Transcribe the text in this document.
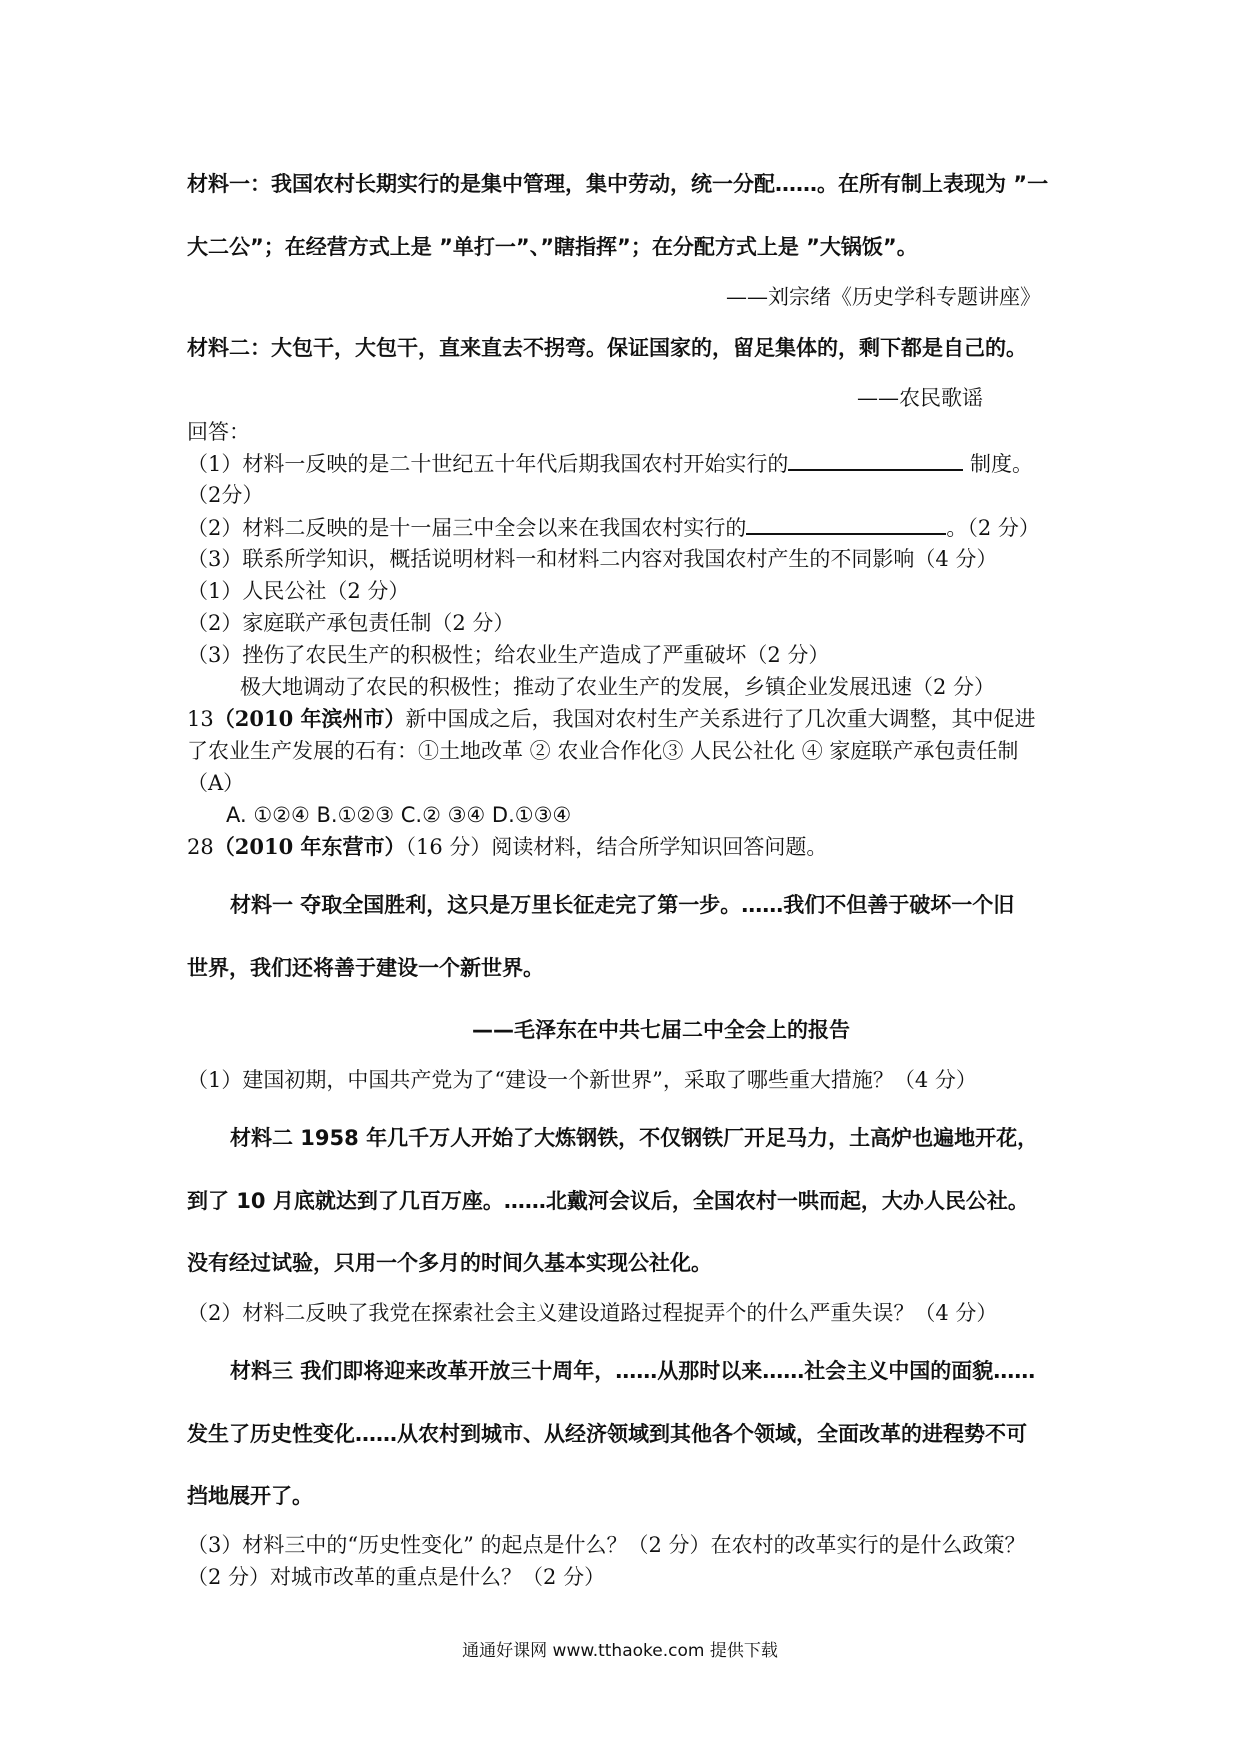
材料一：我国农村长期实行的是集中管理，集中劳动，统一分配……。在所有制上表现为 ”一
大二公”；在经营方式上是 ”单打一”、”瞎指挥”；在分配方式上是 ”大锅饭”。
——刘宗绪《历史学科专题讲座》
材料二：大包干，大包干，直来直去不拐弯。保证国家的，留足集体的，剩下都是自己的。
——农民歌谣
回答：
（1）材料一反映的是二十世纪五十年代后期我国农村开始实行的	制度。
（2分）
（2）材料二反映的是十一届三中全会以来在我国农村实行的	。（2 分）
（3）联系所学知识，概括说明材料一和材料二内容对我国农村产生的不同影响（4 分）
（1）人民公社（2 分）
（2）家庭联产承包责任制（2 分）
（3）挫伤了农民生产的积极性；给农业生产造成了严重破坏（2 分）
极大地调动了农民的积极性；推动了农业生产的发展，乡镇企业发展迅速（2 分）
13（2010 年滨州市）新中国成之后，我国对农村生产关系进行了几次重大调整，其中促进
了农业生产发展的石有：①土地改革 ② 农业合作化③ 人民公社化 ④ 家庭联产承包责任制
（A）
A. ①②④ B.①②③ C.② ③④ D.①③④
28（2010 年东营市）（16 分）阅读材料，结合所学知识回答问题。
材料一 夺取全国胜利，这只是万里长征走完了第一步。……我们不但善于破坏一个旧
世界，我们还将善于建设一个新世界。
——毛泽东在中共七届二中全会上的报告
（1）建国初期，中国共产党为了“建设一个新世界”，采取了哪些重大措施？（4 分）
材料二 1958 年几千万人开始了大炼钢铁，不仅钢铁厂开足马力，土高炉也遍地开花，
到了 10 月底就达到了几百万座。……北戴河会议后，全国农村一哄而起，大办人民公社。
没有经过试验，只用一个多月的时间久基本实现公社化。
（2）材料二反映了我党在探索社会主义建设道路过程捉弄个的什么严重失误？（4 分）
材料三 我们即将迎来改革开放三十周年，……从那时以来……社会主义中国的面貌……
发生了历史性变化……从农村到城市、从经济领域到其他各个领域，全面改革的进程势不可
挡地展开了。
（3）材料三中的“历史性变化” 的起点是什么？（2 分）在农村的改革实行的是什么政策？
（2 分）对城市改革的重点是什么？（2 分）
通通好课网 www.tthaoke.com 提供下载
